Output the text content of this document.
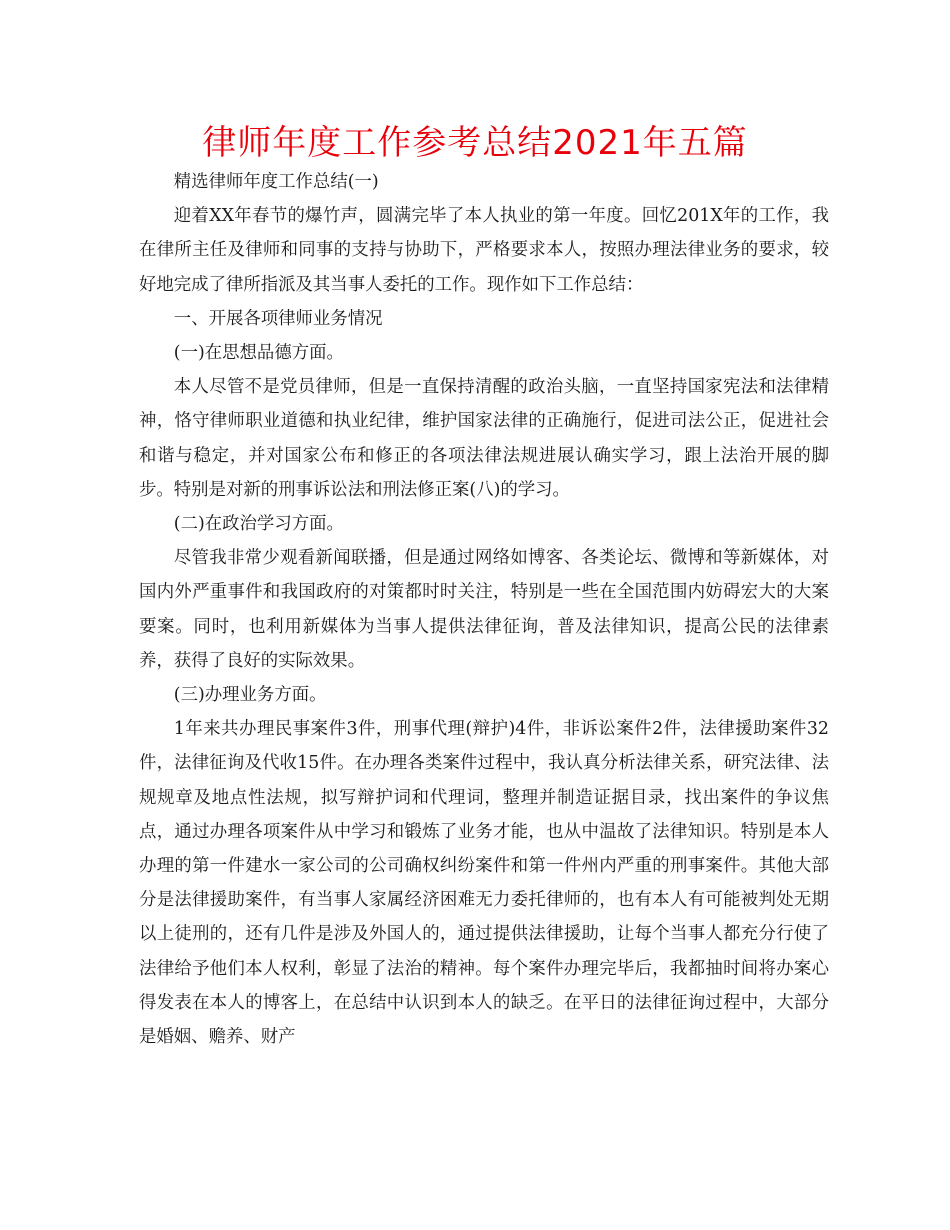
律师年度工作参考总结2021年五篇

精选律师年度工作总结(一)

迎着XX年春节的爆竹声，圆满完毕了本人执业的第一年度。回忆201X年的工作，我在律所主任及律师和同事的支持与协助下，严格要求本人，按照办理法律业务的要求，较好地完成了律所指派及其当事人委托的工作。现作如下工作总结：

一、开展各项律师业务情况

(一)在思想品德方面。

本人尽管不是党员律师，但是一直保持清醒的政治头脑，一直坚持国家宪法和法律精神，恪守律师职业道德和执业纪律，维护国家法律的正确施行，促进司法公正，促进社会和谐与稳定，并对国家公布和修正的各项法律法规进展认确实学习，跟上法治开展的脚步。特别是对新的刑事诉讼法和刑法修正案(八)的学习。

(二)在政治学习方面。

尽管我非常少观看新闻联播，但是通过网络如博客、各类论坛、微博和等新媒体，对国内外严重事件和我国政府的对策都时时关注，特别是一些在全国范围内妨碍宏大的大案要案。同时，也利用新媒体为当事人提供法律征询，普及法律知识，提高公民的法律素养，获得了良好的实际效果。

(三)办理业务方面。

1年来共办理民事案件3件，刑事代理(辩护)4件，非诉讼案件2件，法律援助案件32件，法律征询及代收15件。在办理各类案件过程中，我认真分析法律关系，研究法律、法规规章及地点性法规，拟写辩护词和代理词，整理并制造证据目录，找出案件的争议焦点，通过办理各项案件从中学习和锻炼了业务才能，也从中温故了法律知识。特别是本人办理的第一件建水一家公司的公司确权纠纷案件和第一件州内严重的刑事案件。其他大部分是法律援助案件，有当事人家属经济困难无力委托律师的，也有本人有可能被判处无期以上徒刑的，还有几件是涉及外国人的，通过提供法律援助，让每个当事人都充分行使了法律给予他们本人权利，彰显了法治的精神。每个案件办理完毕后，我都抽时间将办案心得发表在本人的博客上，在总结中认识到本人的缺乏。在平日的法律征询过程中，大部分是婚姻、赡养、财产
